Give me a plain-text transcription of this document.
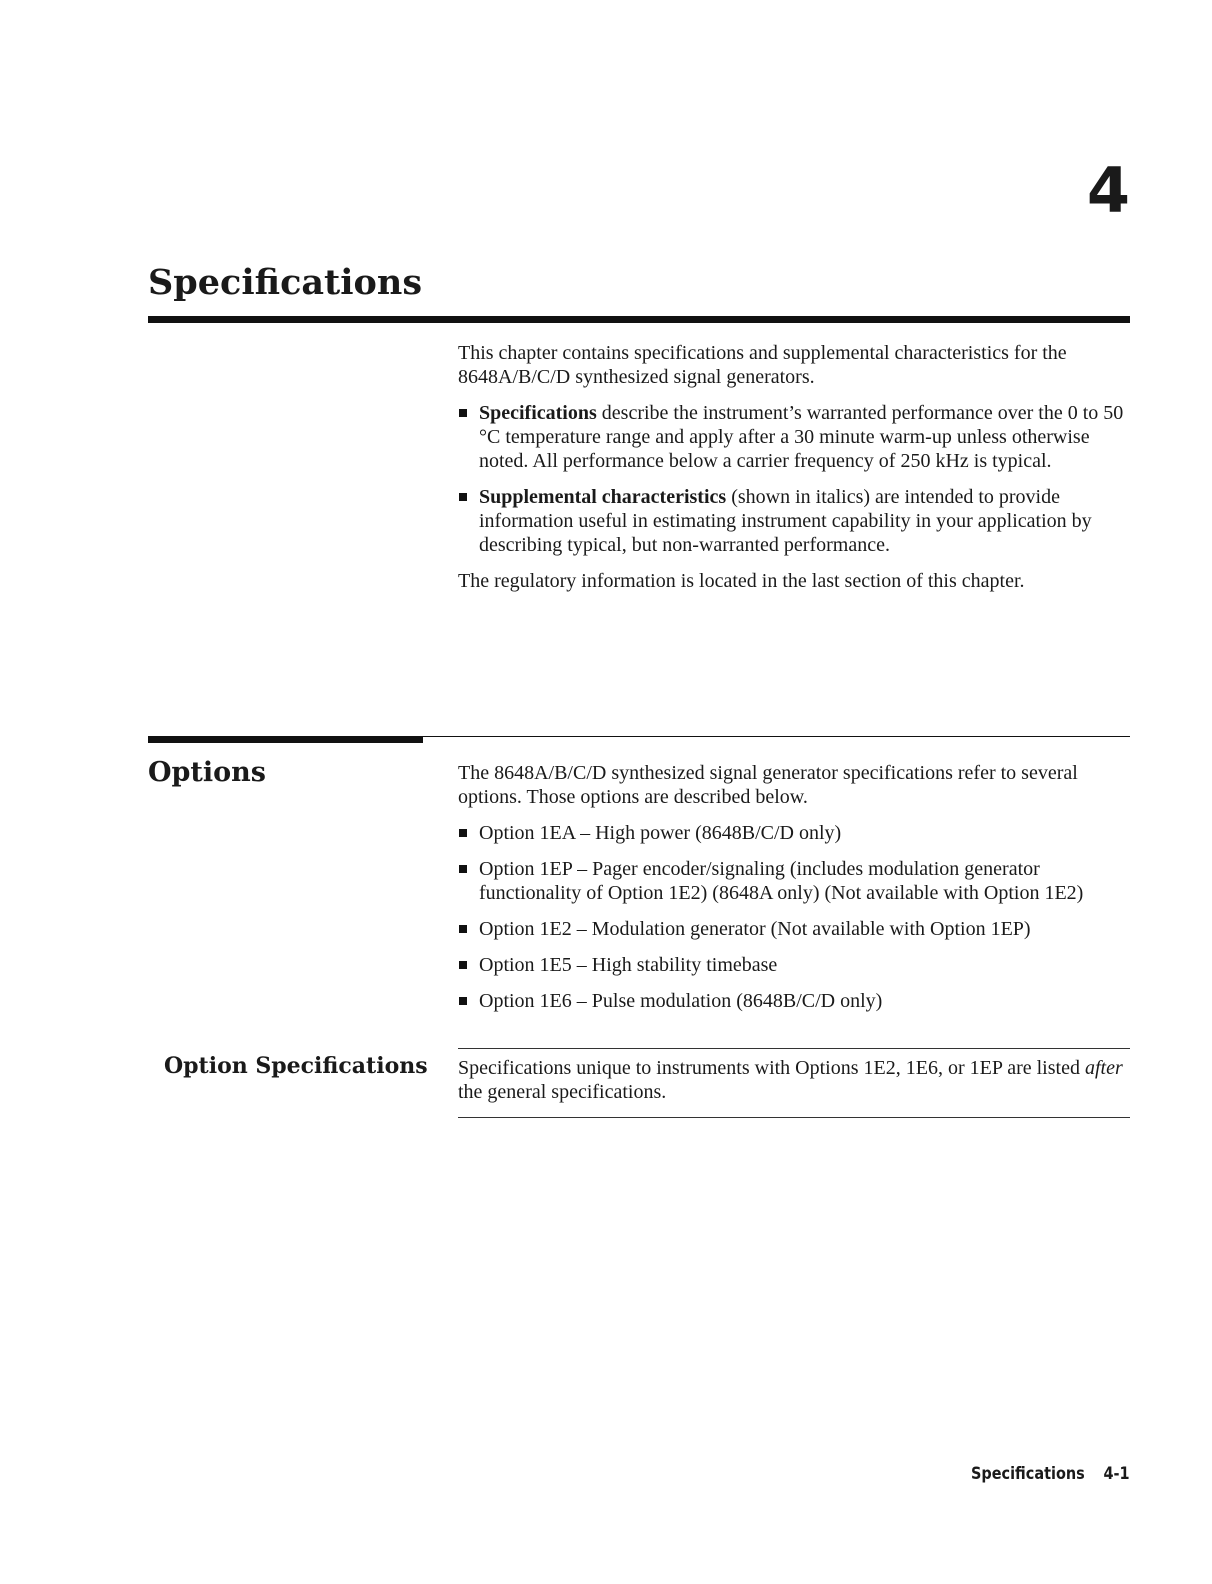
4
Specifications

This chapter contains specifications and supplemental characteristics for the 8648A/B/C/D synthesized signal generators.

Specifications describe the instrument’s warranted performance over the 0 to 50 °C temperature range and apply after a 30 minute warm-up unless otherwise noted. All performance below a carrier frequency of 250 kHz is typical.
Supplemental characteristics (shown in italics) are intended to provide information useful in estimating instrument capability in your application by describing typical, but non-warranted performance.

The regulatory information is located in the last section of this chapter.

Options	The 8648A/B/C/D synthesized signal generator specifications refer to several options. Those options are described below.

Option 1EA – High power (8648B/C/D only)
Option 1EP – Pager encoder/signaling (includes modulation generator functionality of Option 1E2) (8648A only) (Not available with Option 1E2)
Option 1E2 – Modulation generator (Not available with Option 1EP)
Option 1E5 – High stability timebase
Option 1E6 – Pulse modulation (8648B/C/D only)
Option Specifications Specifications unique to instruments with Options 1E2, 1E6, or 1EP are listed after the general specifications.

Specifications 4-1
